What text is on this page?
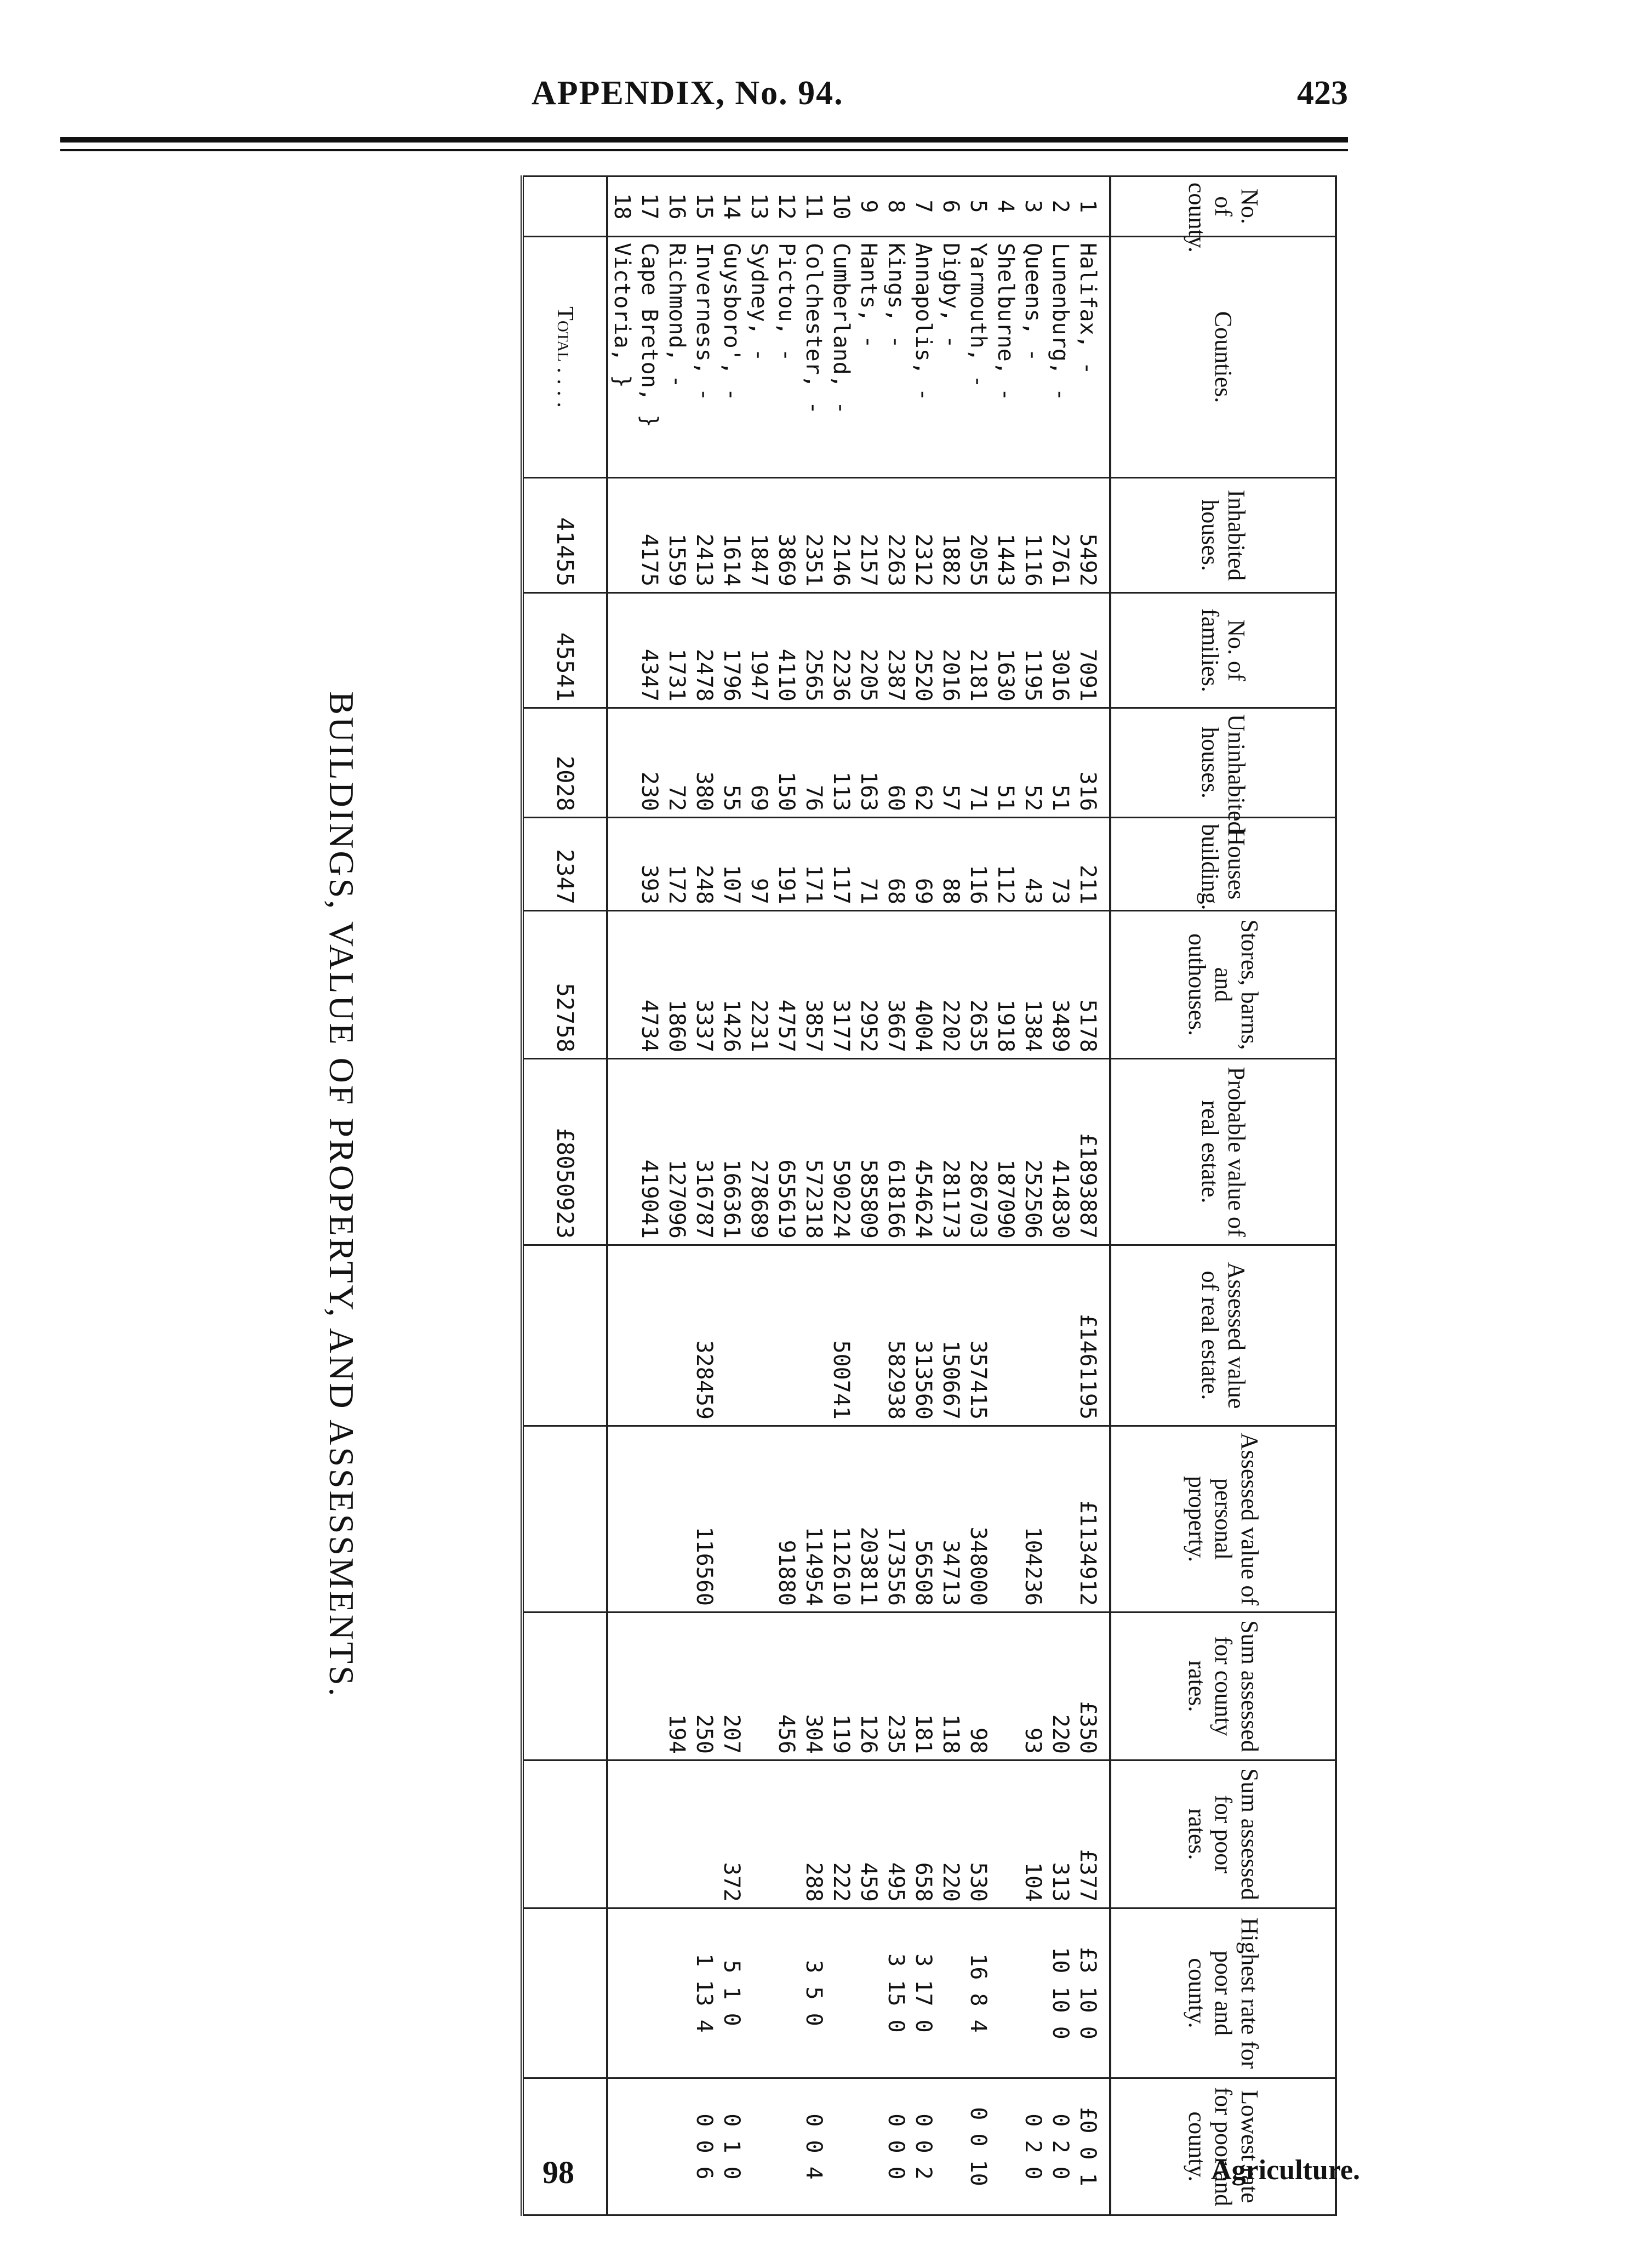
APPENDIX, No. 94.	423
No. of county.	Counties.	Inhabited houses.	No. of families.	Uninhabited houses.	Houses building.	Stores, barns, and outhouses.	Probable value of real estate.	Assessed value of real estate.	Assessed value of personal property.	Sum assessed for county rates.	Sum assessed for poor rates.	Highest rate for poor and county.	Lowest rate for poor and county.
1	Halifax, -	5492	7091	316	211	5178	£1893887	£1461195	£1134912	£350	£377	£3 10 0	£0 0 1
2	Lunenburg, -	2761	3016	51	73	3489	414830			220	313	10 10 0	0 2 0
3	Queens, -	1116	1195	52	43	1384	252506		104236	93	104		0 2 0
4	Shelburne, -	1443	1630	51	112	1918	187090						
5	Yarmouth, -	2055	2181	71	116	2635	286703	357415	348000	98	530	16 8 4	0 0 10
6	Digby, -	1882	2016	57	88	2202	281173	150667	34713	118	220		
7	Annapolis, -	2312	2520	62	69	4004	454624	313560	56508	181	658	3 17 0	0 0 2
8	Kings, -	2263	2387	60	68	3667	618166	582938	173556	235	495	3 15 0	0 0 0
9	Hants, -	2157	2205	163	71	2952	585809		203811	126	459		
10	Cumberland, -	2146	2236	113	117	3177	590224	500741	112610	119	222		
11	Colchester, -	2351	2565	76	171	3857	572318		114954	304	288	3 5 0	0 0 4
12	Pictou, -	3869	4110	150	191	4757	655619		91880	456			
13	Sydney, -	1847	1947	69	97	2231	278689						
14	Guysboro', -	1614	1796	55	107	1426	166361			207	372	5 1 0	0 1 0
15	Inverness, -	2413	2478	380	248	3337	316787	328459	116560	250		1 13 4	0 0 6
16	Richmond, -	1559	1731	72	172	1860	127096			194			
17	Cape Breton, }	4175	4347	230	393	4734	419041						
18	Victoria, }												
	Total . . . .	41455	45541	2028	2347	52758	£8050923						
BUILDINGS, VALUE OF PROPERTY, AND ASSESSMENTS.
98	Agriculture.
